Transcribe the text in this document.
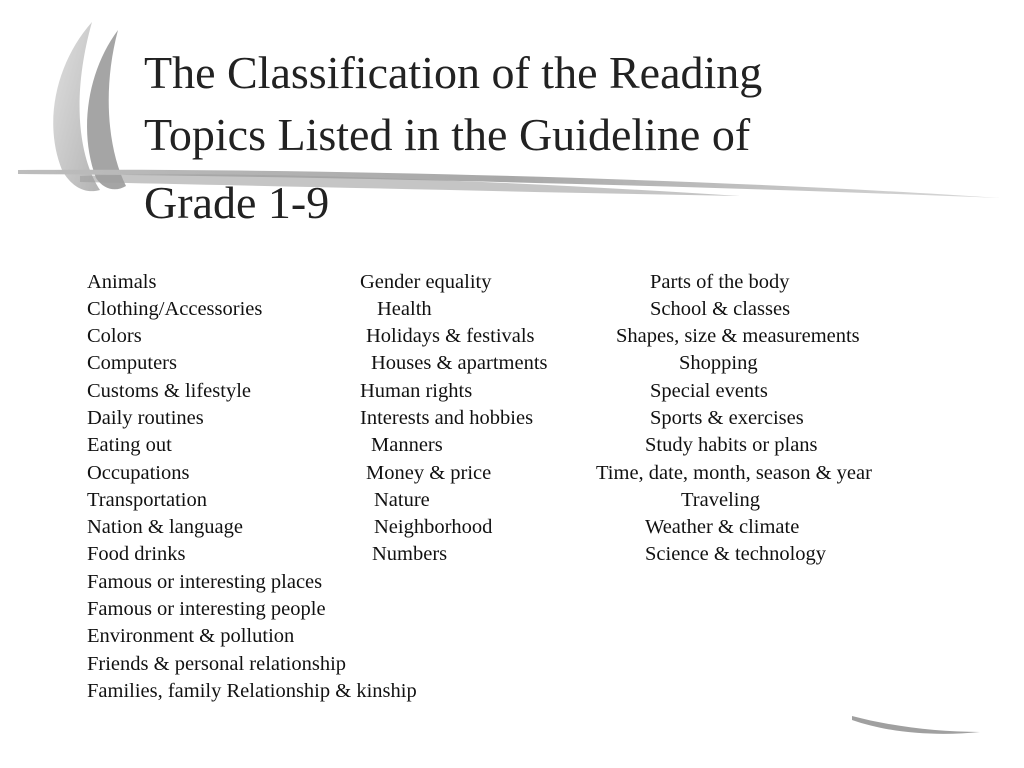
The Classification of the Reading
Topics Listed in the Guideline of
Grade 1-9

Animals

Clothing/Accessories

Colors

Computers

Customs & lifestyle

Daily routines

Eating out

Occupations

Transportation

Nation & language

Food drinks

Famous or interesting places

Famous or interesting people

Environment & pollution

Friends & personal relationship

Families, family Relationship & kinship

Gender equality

Health

Holidays & festivals

Houses & apartments

Human rights

Interests and hobbies

Manners

Money & price

Nature

Neighborhood

Numbers

Parts of the body

School & classes

Shapes, size & measurements

Shopping

Special events

Sports & exercises

Study habits or plans

Time, date, month, season & year

Traveling

Weather & climate

Science & technology
